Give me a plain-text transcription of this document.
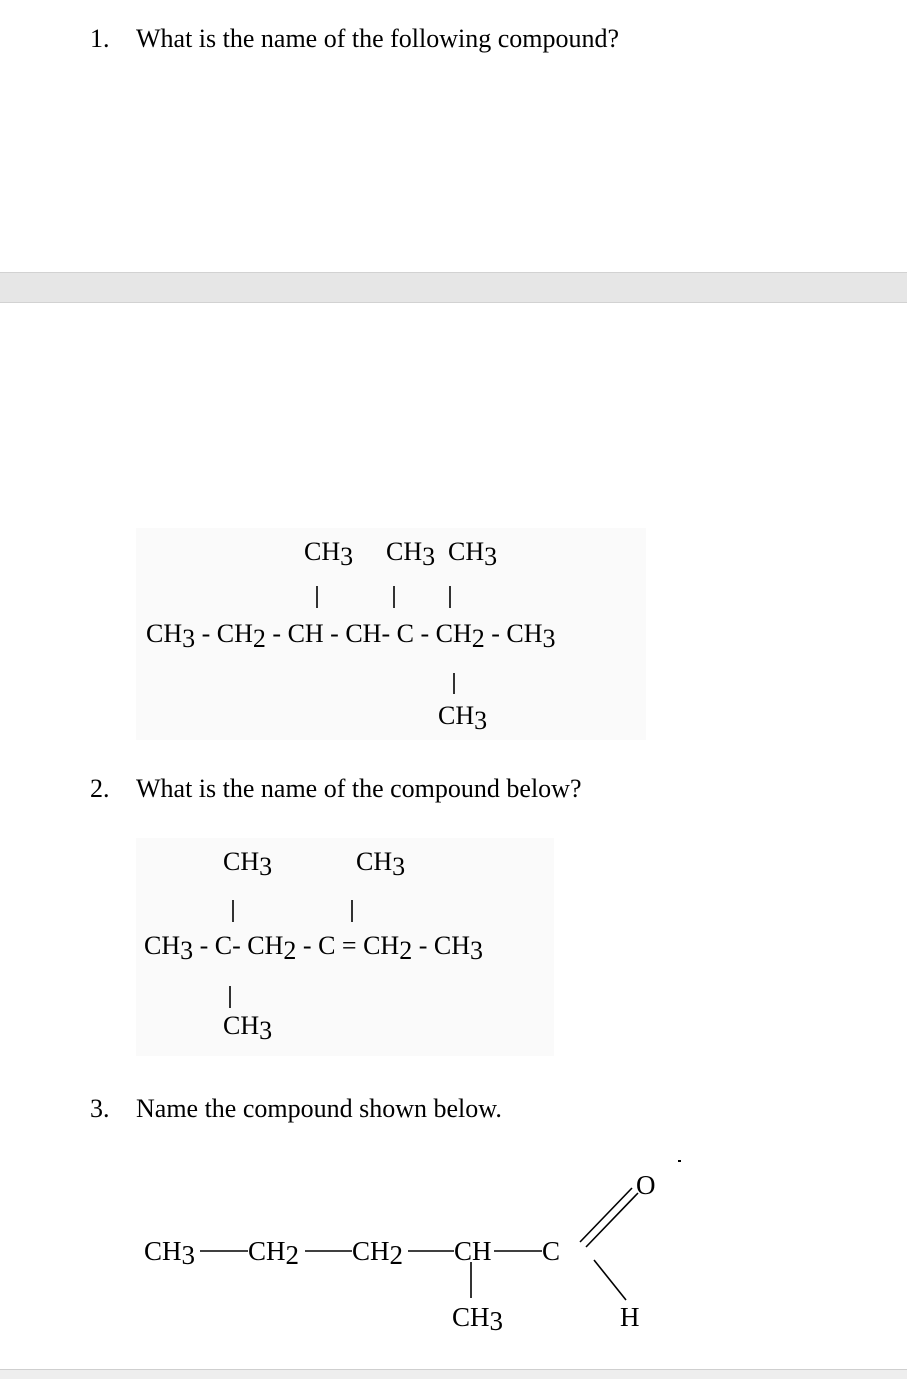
1. What is the name of the following compound?
CH3 CH3 CH3
CH3 - CH2 - CH - CH- C - CH2 - CH3
CH3
2. What is the name of the compound below?
CH3	CH3
CH3 - C- CH2 - C = CH2 - CH3
CH3
3. Name the compound shown below.
CH3 CH2 CH2 CH C
CH3
O
H
